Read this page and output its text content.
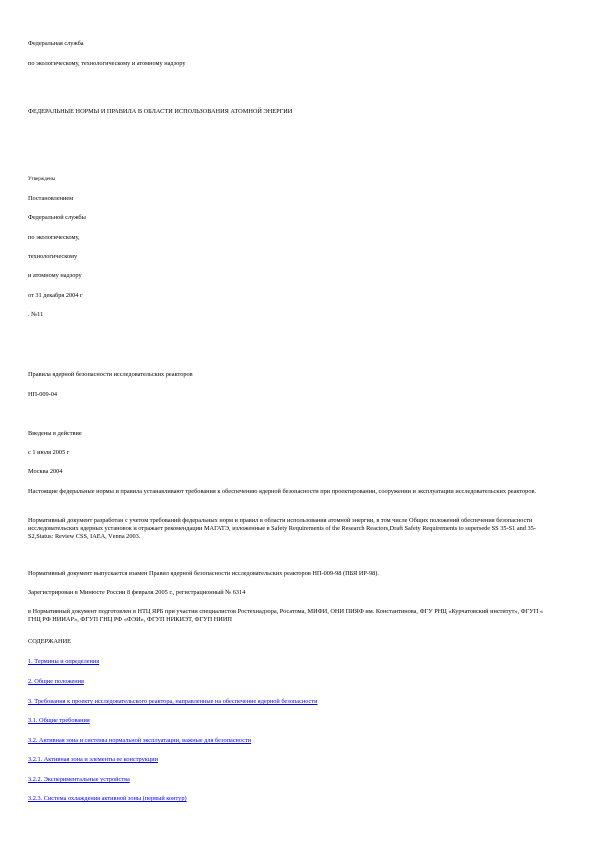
Федеральная служба
по экологическому, технологическому и атомному надзору
ФЕДЕРАЛЬНЫЕ НОРМЫ И ПРАВИЛА В ОБЛАСТИ ИСПОЛЬЗОВАНИЯ АТОМНОЙ ЭНЕРГИИ
Утверждены
Постановлением
Федеральной службы
по экологическому,
технологическому
и атомному надзору
от 31 декабря 2004 г
. №11
Правила ядерной безопасности исследовательских реакторов
НП-009-04
Введены в действие
с 1 июля 2005 г
Москва 2004
Настоящие федеральные нормы и правила устанавливают требования к обеспечению ядерной безопасности при проектировании, сооружении и эксплуатации исследовательских реакторов.
Нормативный документ разработан с учетом требований федеральных норм и правил в области использования атомной энергии, в том числе Общих положений обеспечения безопасности исследовательских ядерных установок и отражает рекомендации МАГАТЭ, изложенные в Safety Requirements of the Research Reactors,Draft Safety Requirements to supersede SS 35-S1 and 35-S2,Status: Review CSS, IAEA, Vеnnа 2003.
Нормативный документ выпускается взамен Правил ядерной безопасности исследовательских реакторов НП-009-98 (ПБЯ ИР-98).
Зарегистрирован в Минюсте России 8 февраля 2005 г., регистрационный № 6314
в Нормативный документ подготовлен в НТЦ ЯРБ при участии специалистов Ростехнадзора, Росатома, МИФИ, ОНИ ПИЯФ им. Константинова, ФГУ РНЦ «Курчатовский институт», ФГУП « ГНЦ РФ НИИАР», ФГУП ГНЦ РФ «ФЭИ», ФГУП НИКИЭТ, ФГУП НИИП
СОДЕРЖАНИЕ
1. Термины и определения
2. Общие положения
3. Требования к проекту исследовательского реактора, направленные на обеспечение ядерной безопасности
3.1. Общие требования
3.2. Активная зона и системы нормальной эксплуатации, важные для безопасности
3.2.1. Активная зона и элементы ее конструкции
3.2.2. Экспериментальные устройства
3.2.3. Система охлаждения активной зоны (первый контур)
